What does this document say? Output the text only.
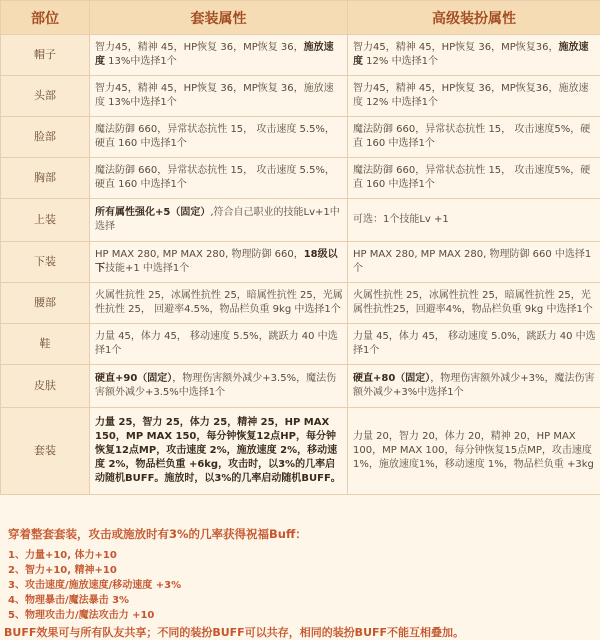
部位	套装属性	高级装扮属性
帽子	智力45，精神 45，HP恢复 36，MP恢复 36，施放速度 13%中选择1个	智力45，精神 45，HP恢复 36，MP恢复36，施放速度 12% 中选择1个
头部	智力45，精神 45，HP恢复 36，MP恢复 36，施放速度 13%中选择1个	智力45，精神 45，HP恢复 36，MP恢复36，施放速度 12% 中选择1个
脸部	魔法防御 660，异常状态抗性 15， 攻击速度 5.5%，硬直 160 中选择1个	魔法防御 660，异常状态抗性 15， 攻击速度5%，硬直 160 中选择1个
胸部	魔法防御 660，异常状态抗性 15， 攻击速度 5.5%，硬直 160 中选择1个	魔法防御 660，异常状态抗性 15， 攻击速度5%，硬直 160 中选择1个
上装	所有属性强化+5（固定）,符合自己职业的技能Lv+1中选择	可选：1个技能Lv +1
下装	HP MAX 280, MP MAX 280, 物理防御 660，18级以下技能+1 中选择1个	HP MAX 280, MP MAX 280, 物理防御 660 中选择1个
腰部	火属性抗性 25，冰属性抗性 25，暗属性抗性 25，光属性抗性 25， 回避率4.5%，物品栏负重 9kg 中选择1个	火属性抗性 25，冰属性抗性 25，暗属性抗性 25，光属性抗性25，回避率4%，物品栏负重 9kg 中选择1个
鞋	力量 45，体力 45， 移动速度 5.5%，跳跃力 40 中选择1个	力量 45，体力 45， 移动速度 5.0%，跳跃力 40 中选择1个
皮肤	硬直+90（固定），物理伤害额外减少+3.5%，魔法伤害额外减少+3.5%中选择1个	硬直+80（固定），物理伤害额外减少+3%，魔法伤害额外减少+3%中选择1个
套装	力量 25，智力 25，体力 25，精神 25，HP MAX 150，MP MAX 150，每分钟恢复12点HP，每分钟恢复12点MP，攻击速度 2%，施放速度 2%，移动速度 2%，物品栏负重 +6kg，攻击时，以3%的几率启动随机BUFF。施放时，以3%的几率启动随机BUFF。	力量 20，智力 20，体力 20，精神 20，HP MAX 100，MP MAX 100，每分钟恢复15点MP，攻击速度 1%，施放速度1%，移动速度 1%，物品栏负重 +3kg
穿着整套套装，攻击或施放时有3%的几率获得祝福Buff：
1、力量+10, 体力+10
2、智力+10, 精神+10
3、攻击速度/施放速度/移动速度 +3%
4、物理暴击/魔法暴击 3%
5、物理攻击力/魔法攻击力 +10
BUFF效果可与所有队友共享；不同的装扮BUFF可以共存，相同的装扮BUFF不能互相叠加。
